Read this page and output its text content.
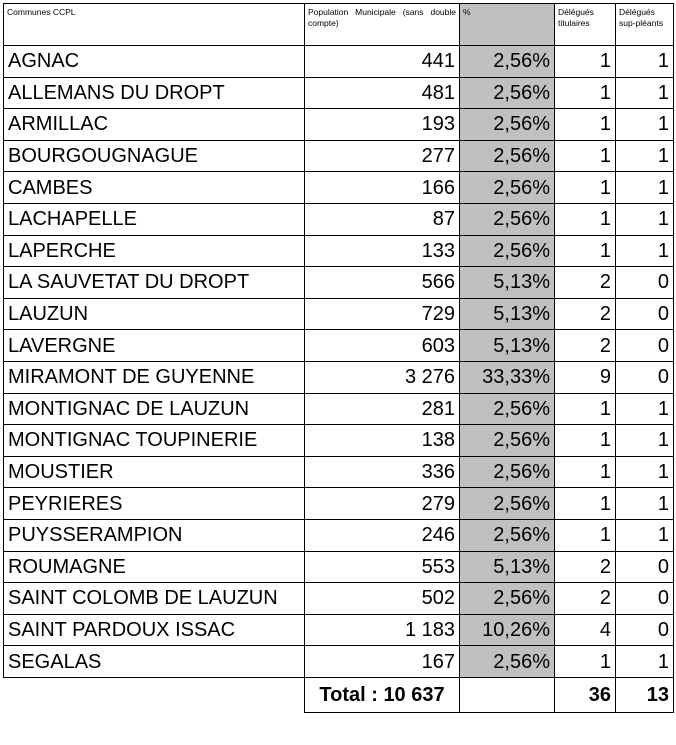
Communes CCPL	Population Municipale (sans double compte)	%	Délégués titulaires	Délégués sup-pléants
AGNAC	441	2,56%	1	1
ALLEMANS DU DROPT	481	2,56%	1	1
ARMILLAC	193	2,56%	1	1
BOURGOUGNAGUE	277	2,56%	1	1
CAMBES	166	2,56%	1	1
LACHAPELLE	87	2,56%	1	1
LAPERCHE	133	2,56%	1	1
LA SAUVETAT DU DROPT	566	5,13%	2	0
LAUZUN	729	5,13%	2	0
LAVERGNE	603	5,13%	2	0
MIRAMONT DE GUYENNE	3 276	33,33%	9	0
MONTIGNAC DE LAUZUN	281	2,56%	1	1
MONTIGNAC TOUPINERIE	138	2,56%	1	1
MOUSTIER	336	2,56%	1	1
PEYRIERES	279	2,56%	1	1
PUYSSERAMPION	246	2,56%	1	1
ROUMAGNE	553	5,13%	2	0
SAINT COLOMB DE LAUZUN	502	2,56%	2	0
SAINT PARDOUX ISSAC	1 183	10,26%	4	0
SEGALAS	167	2,56%	1	1
	Total : 10 637		36	13
